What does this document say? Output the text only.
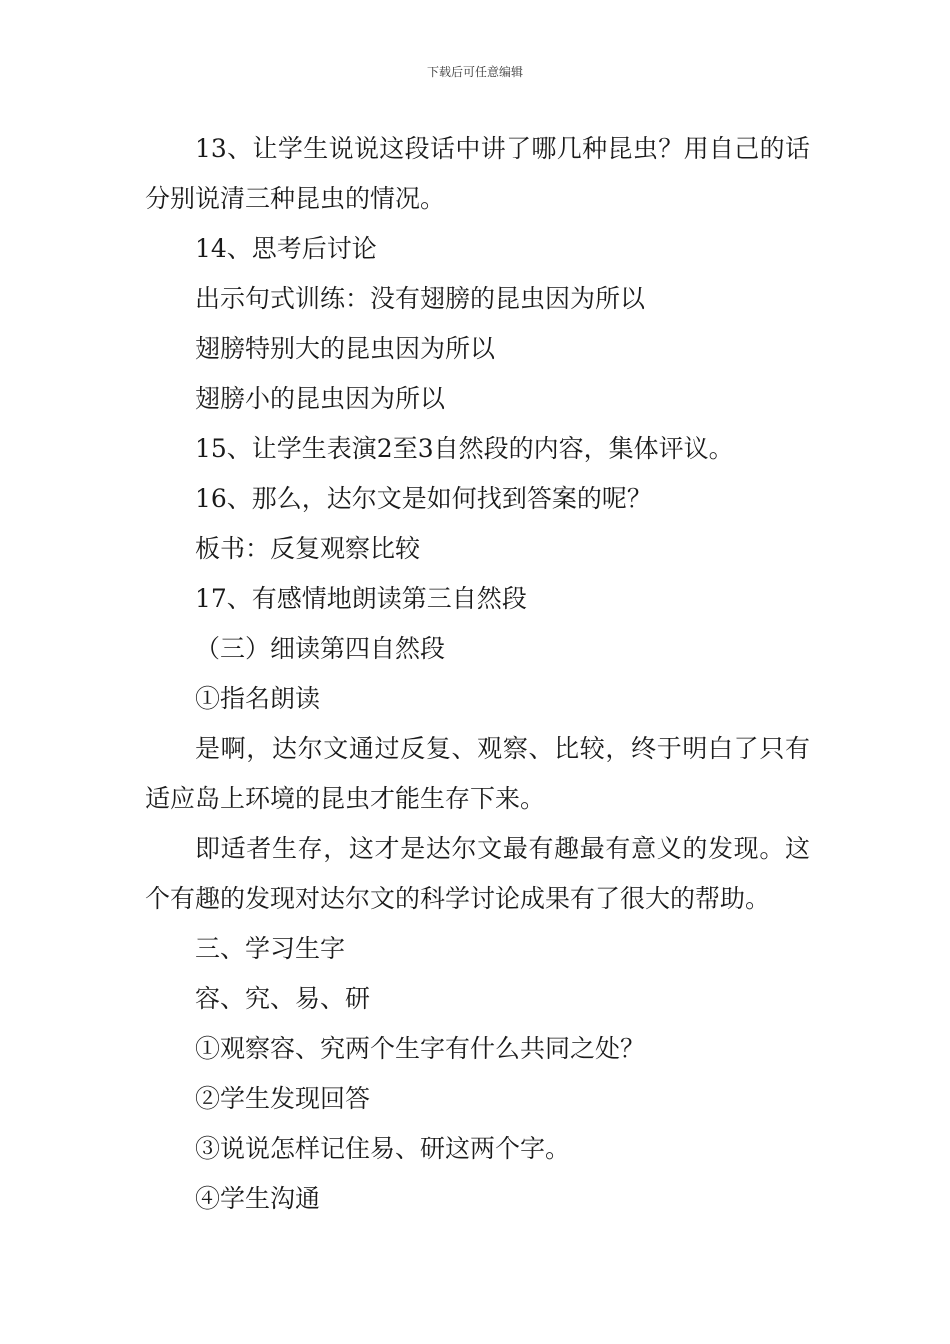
下载后可任意编辑

13、让学生说说这段话中讲了哪几种昆虫？用自己的话分别说清三种昆虫的情况。

14、思考后讨论

出示句式训练：没有翅膀的昆虫因为所以

翅膀特别大的昆虫因为所以

翅膀小的昆虫因为所以

15、让学生表演2至3自然段的内容，集体评议。

16、那么，达尔文是如何找到答案的呢？

板书：反复观察比较

17、有感情地朗读第三自然段

（三）细读第四自然段

①指名朗读

是啊，达尔文通过反复、观察、比较，终于明白了只有适应岛上环境的昆虫才能生存下来。

即适者生存，这才是达尔文最有趣最有意义的发现。这个有趣的发现对达尔文的科学讨论成果有了很大的帮助。

三、学习生字

容、究、易、研

①观察容、究两个生字有什么共同之处？

②学生发现回答

③说说怎样记住易、研这两个字。

④学生沟通
